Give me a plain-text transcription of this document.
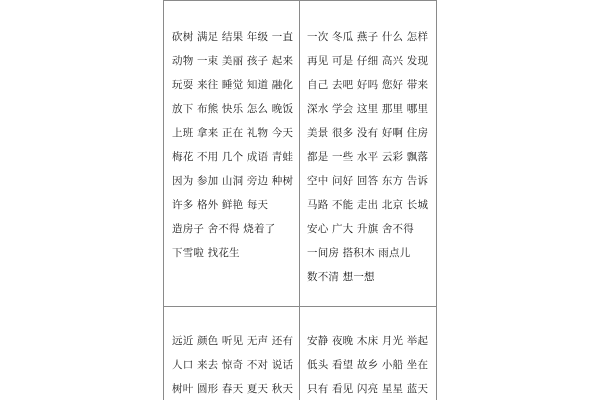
砍树 满足 结果 年级 一直
动物 一束 美丽 孩子 起来
玩耍 来往 睡觉 知道 融化
放下 布熊 快乐 怎么 晚饭
上班 拿来 正在 礼物 今天
梅花 不用 几个 成语 青蛙
因为 参加 山洞 旁边 种树
许多 格外 鲜艳 每天
造房子 舍不得 烧着了
下雪啦 找花生
一次 冬瓜 燕子 什么 怎样
再见 可是 仔细 高兴 发现
自己 去吧 好吗 您好 带来
深水 学会 这里 那里 哪里
美景 很多 没有 好啊 住房
都是 一些 水平 云彩 飘落
空中 问好 回答 东方 告诉
马路 不能 走出 北京 长城
安心 广大 升旗 舍不得
一间房 搭积木 雨点儿
数不清 想一想
远近 颜色 听见 无声 还有
人口 来去 惊奇 不对 说话
树叶 圆形 春天 夏天 秋天
安静 夜晚 木床 月光 举起
低头 看望 故乡 小船 坐在
只有 看见 闪亮 星星 蓝天
